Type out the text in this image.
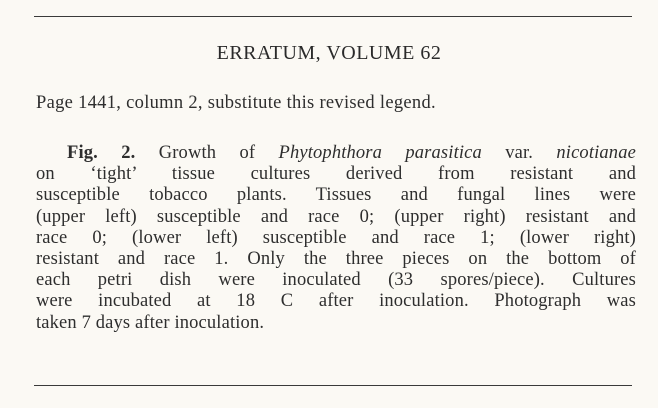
ERRATUM, VOLUME 62
Page 1441, column 2, substitute this revised legend.
Fig. 2. Growth of Phytophthora parasitica var. nicotianae
on ‘tight’ tissue cultures derived from resistant and
susceptible tobacco plants. Tissues and fungal lines were
(upper left) susceptible and race 0; (upper right) resistant and
race 0; (lower left) susceptible and race 1; (lower right)
resistant and race 1. Only the three pieces on the bottom of
each petri dish were inoculated (33 spores/piece). Cultures
were incubated at 18 C after inoculation. Photograph was
taken 7 days after inoculation.
